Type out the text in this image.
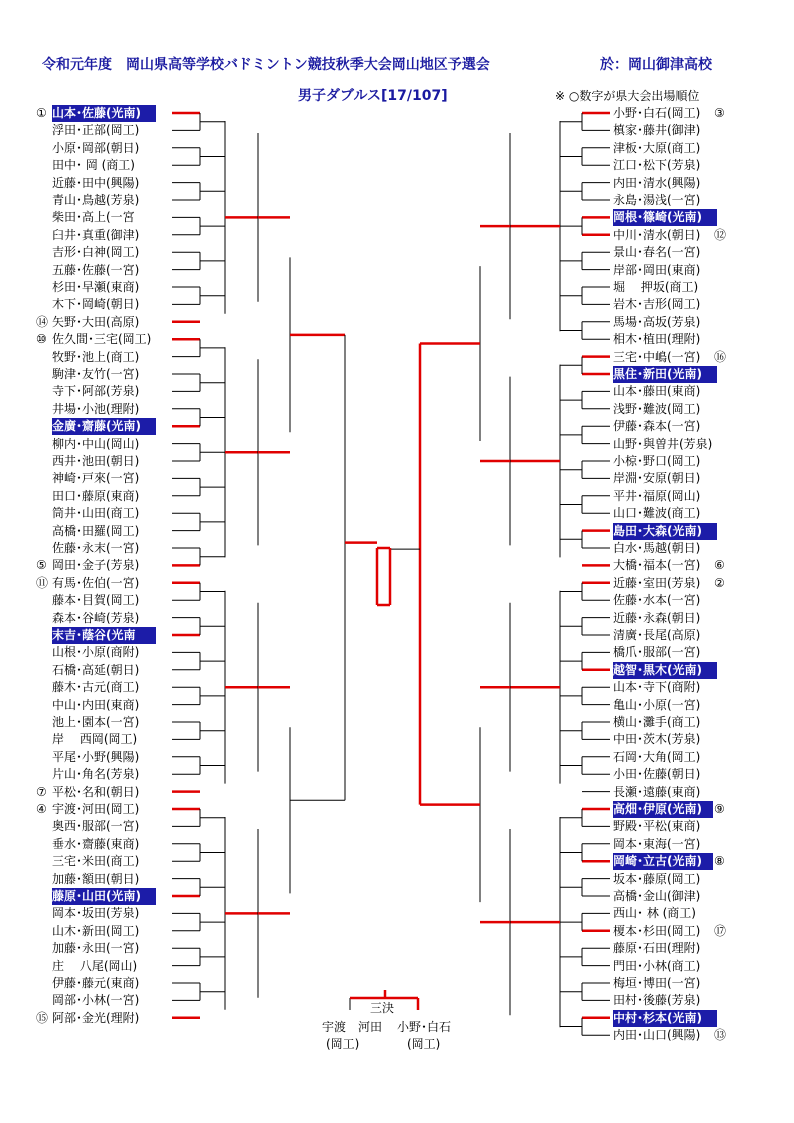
令和元年度　岡山県高等学校バドミントン競技秋季大会岡山地区予選会	於：岡山御津高校
男子ダブルス[17/107]	※ ○数字が県大会出場順位
① 山本･佐藤(光南)
浮田･正部(岡工)
小原･岡部(朝日)
田中･ 岡 (商工)
近藤･田中(興陽)
青山･鳥越(芳泉)
柴田･高上(一宮
臼井･真重(御津)
吉形･白神(岡工)
五藤･佐藤(一宮)
杉田･早瀬(東商)
木下･岡崎(朝日)
⑭ 矢野･大田(高原)
⑩ 佐久間･三宅(岡工)
牧野･池上(商工)
駒津･友竹(一宮)
寺下･阿部(芳泉)
井場･小池(理附)
金廣･齋藤(光南)
柳内･中山(岡山)
西井･池田(朝日)
神崎･戸來(一宮)
田口･藤原(東商)
筒井･山田(商工)
高橋･田羅(岡工)
佐藤･永末(一宮)
⑤ 岡田･金子(芳泉)
⑪ 有馬･佐伯(一宮)
藤本･目賀(岡工)
森本･谷崎(芳泉)
末吉･蔭谷(光南
山根･小原(商附)
石橋･高延(朝日)
藤木･古元(商工)
中山･内田(東商)
池上･園本(一宮)
岸 　西岡(岡工)
平尾･小野(興陽)
片山･角名(芳泉)
⑦ 平松･名和(朝日)
④ 宇渡･河田(岡工)
奥西･服部(一宮)
垂水･齋藤(東商)
三宅･米田(商工)
加藤･額田(朝日)
藤原･山田(光南)
岡本･坂田(芳泉)
山木･新田(岡工)
加藤･永田(一宮)
庄 　八尾(岡山)
伊藤･藤元(東商)
岡部･小林(一宮)
⑮ 阿部･金光(理附)
③
小野･白石(岡工)
槙家･藤井(御津)
津板･大原(商工)
江口･松下(芳泉)
内田･清水(興陽)
永島･湯浅(一宮)
岡根･篠崎(光南)
⑫
中川･清水(朝日)
景山･春名(一宮)
岸部･岡田(東商)
堀 　押坂(商工)
岩木･吉形(岡工)
馬場･高坂(芳泉)
相木･植田(理附)
⑯
三宅･中嶋(一宮)
黒住･新田(光南)
山本･藤田(東商)
浅野･難波(岡工)
伊藤･森本(一宮)
山野･與曽井(芳泉)
小椋･野口(岡工)
岸淵･安原(朝日)
平井･福原(岡山)
山口･難波(商工)
島田･大森(光南)
白水･馬越(朝日)
⑥
大橋･福本(一宮)
②
近藤･室田(芳泉)
佐藤･水本(一宮)
近藤･永森(朝日)
清廣･長尾(高原)
橋爪･服部(一宮)
越智･黒木(光南)
山本･寺下(商附)
亀山･小原(一宮)
横山･灘手(商工)
中田･茨木(芳泉)
石岡･大角(岡工)
小田･佐藤(朝日)
長瀬･遠藤(東商)
⑨
高畑･伊原(光南)
野殿･平松(東商)
岡本･東海(一宮)
⑧
岡崎･立古(光南)
坂本･藤原(岡工)
高橋･金山(御津)
西山･ 林 (商工)
⑰
榎本･杉田(岡工)
藤原･石田(理附)
門田･小林(商工)
梅垣･博田(一宮)
田村･後藤(芳泉)
中村･杉本(光南)
⑬
内田･山口(興陽)
三決
宇渡　河田
(岡工)
小野･白石
(岡工)
